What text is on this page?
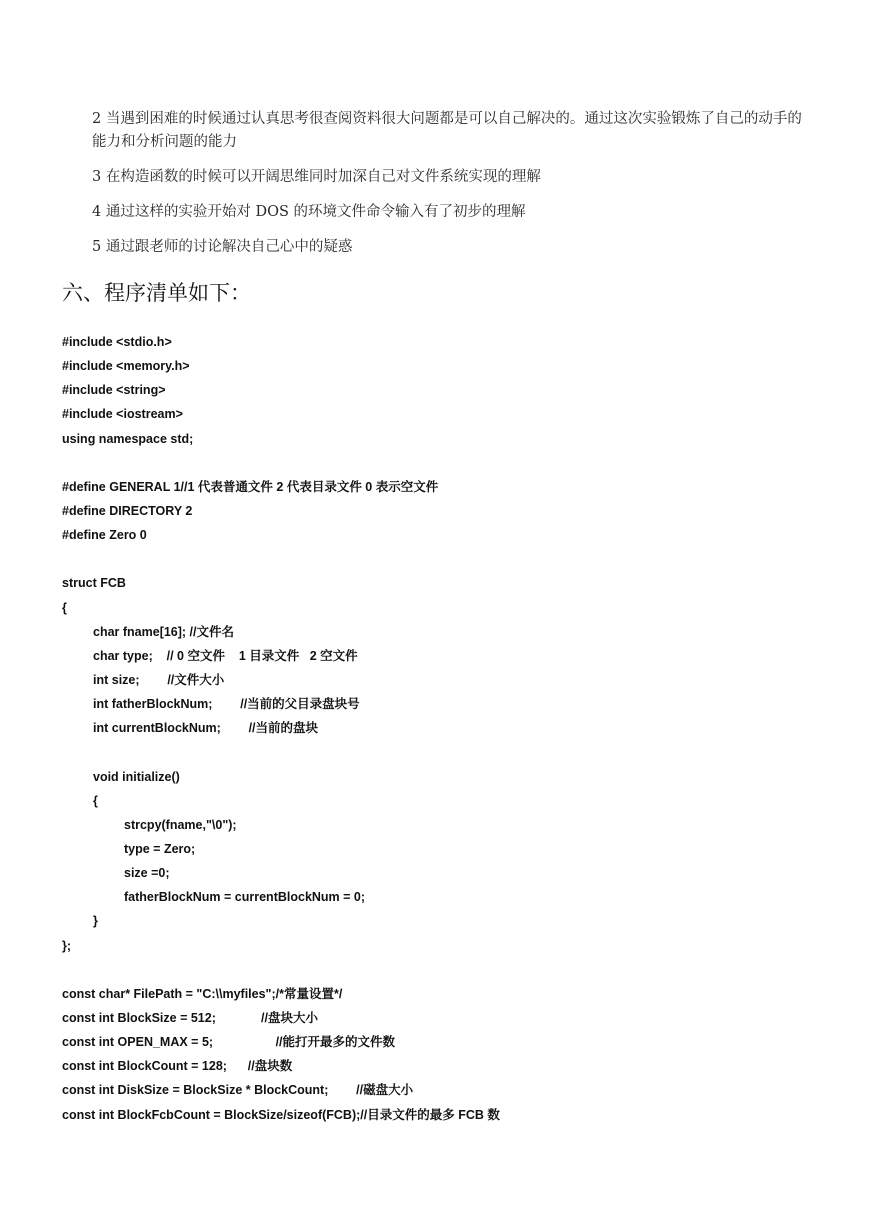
2 当遇到困难的时候通过认真思考很查阅资料很大问题都是可以自己解决的。通过这次实验锻炼了自己的动手的能力和分析问题的能力

3 在构造函数的时候可以开阔思维同时加深自己对文件系统实现的理解

4 通过这样的实验开始对 DOS 的环境文件命令输入有了初步的理解

5 通过跟老师的讨论解决自己心中的疑惑

六、程序清单如下：
#include <stdio.h>
#include <memory.h>
#include <string>
#include <iostream>
using namespace std;

#define GENERAL 1//1 代表普通文件 2 代表目录文件 0 表示空文件
#define DIRECTORY 2
#define Zero 0

struct FCB
{
char fname[16]; //文件名
char type;    // 0 空文件    1 目录文件   2 空文件
int size;        //文件大小
int fatherBlockNum;        //当前的父目录盘块号
int currentBlockNum;        //当前的盘块

void initialize()
{
strcpy(fname,"\0");
type = Zero;
size =0;
fatherBlockNum = currentBlockNum = 0;
}
};

const char* FilePath = "C:\\myfiles";/*常量设置*/
const int BlockSize = 512;             //盘块大小
const int OPEN_MAX = 5;                  //能打开最多的文件数
const int BlockCount = 128;      //盘块数
const int DiskSize = BlockSize * BlockCount;        //磁盘大小
const int BlockFcbCount = BlockSize/sizeof(FCB);//目录文件的最多 FCB 数
